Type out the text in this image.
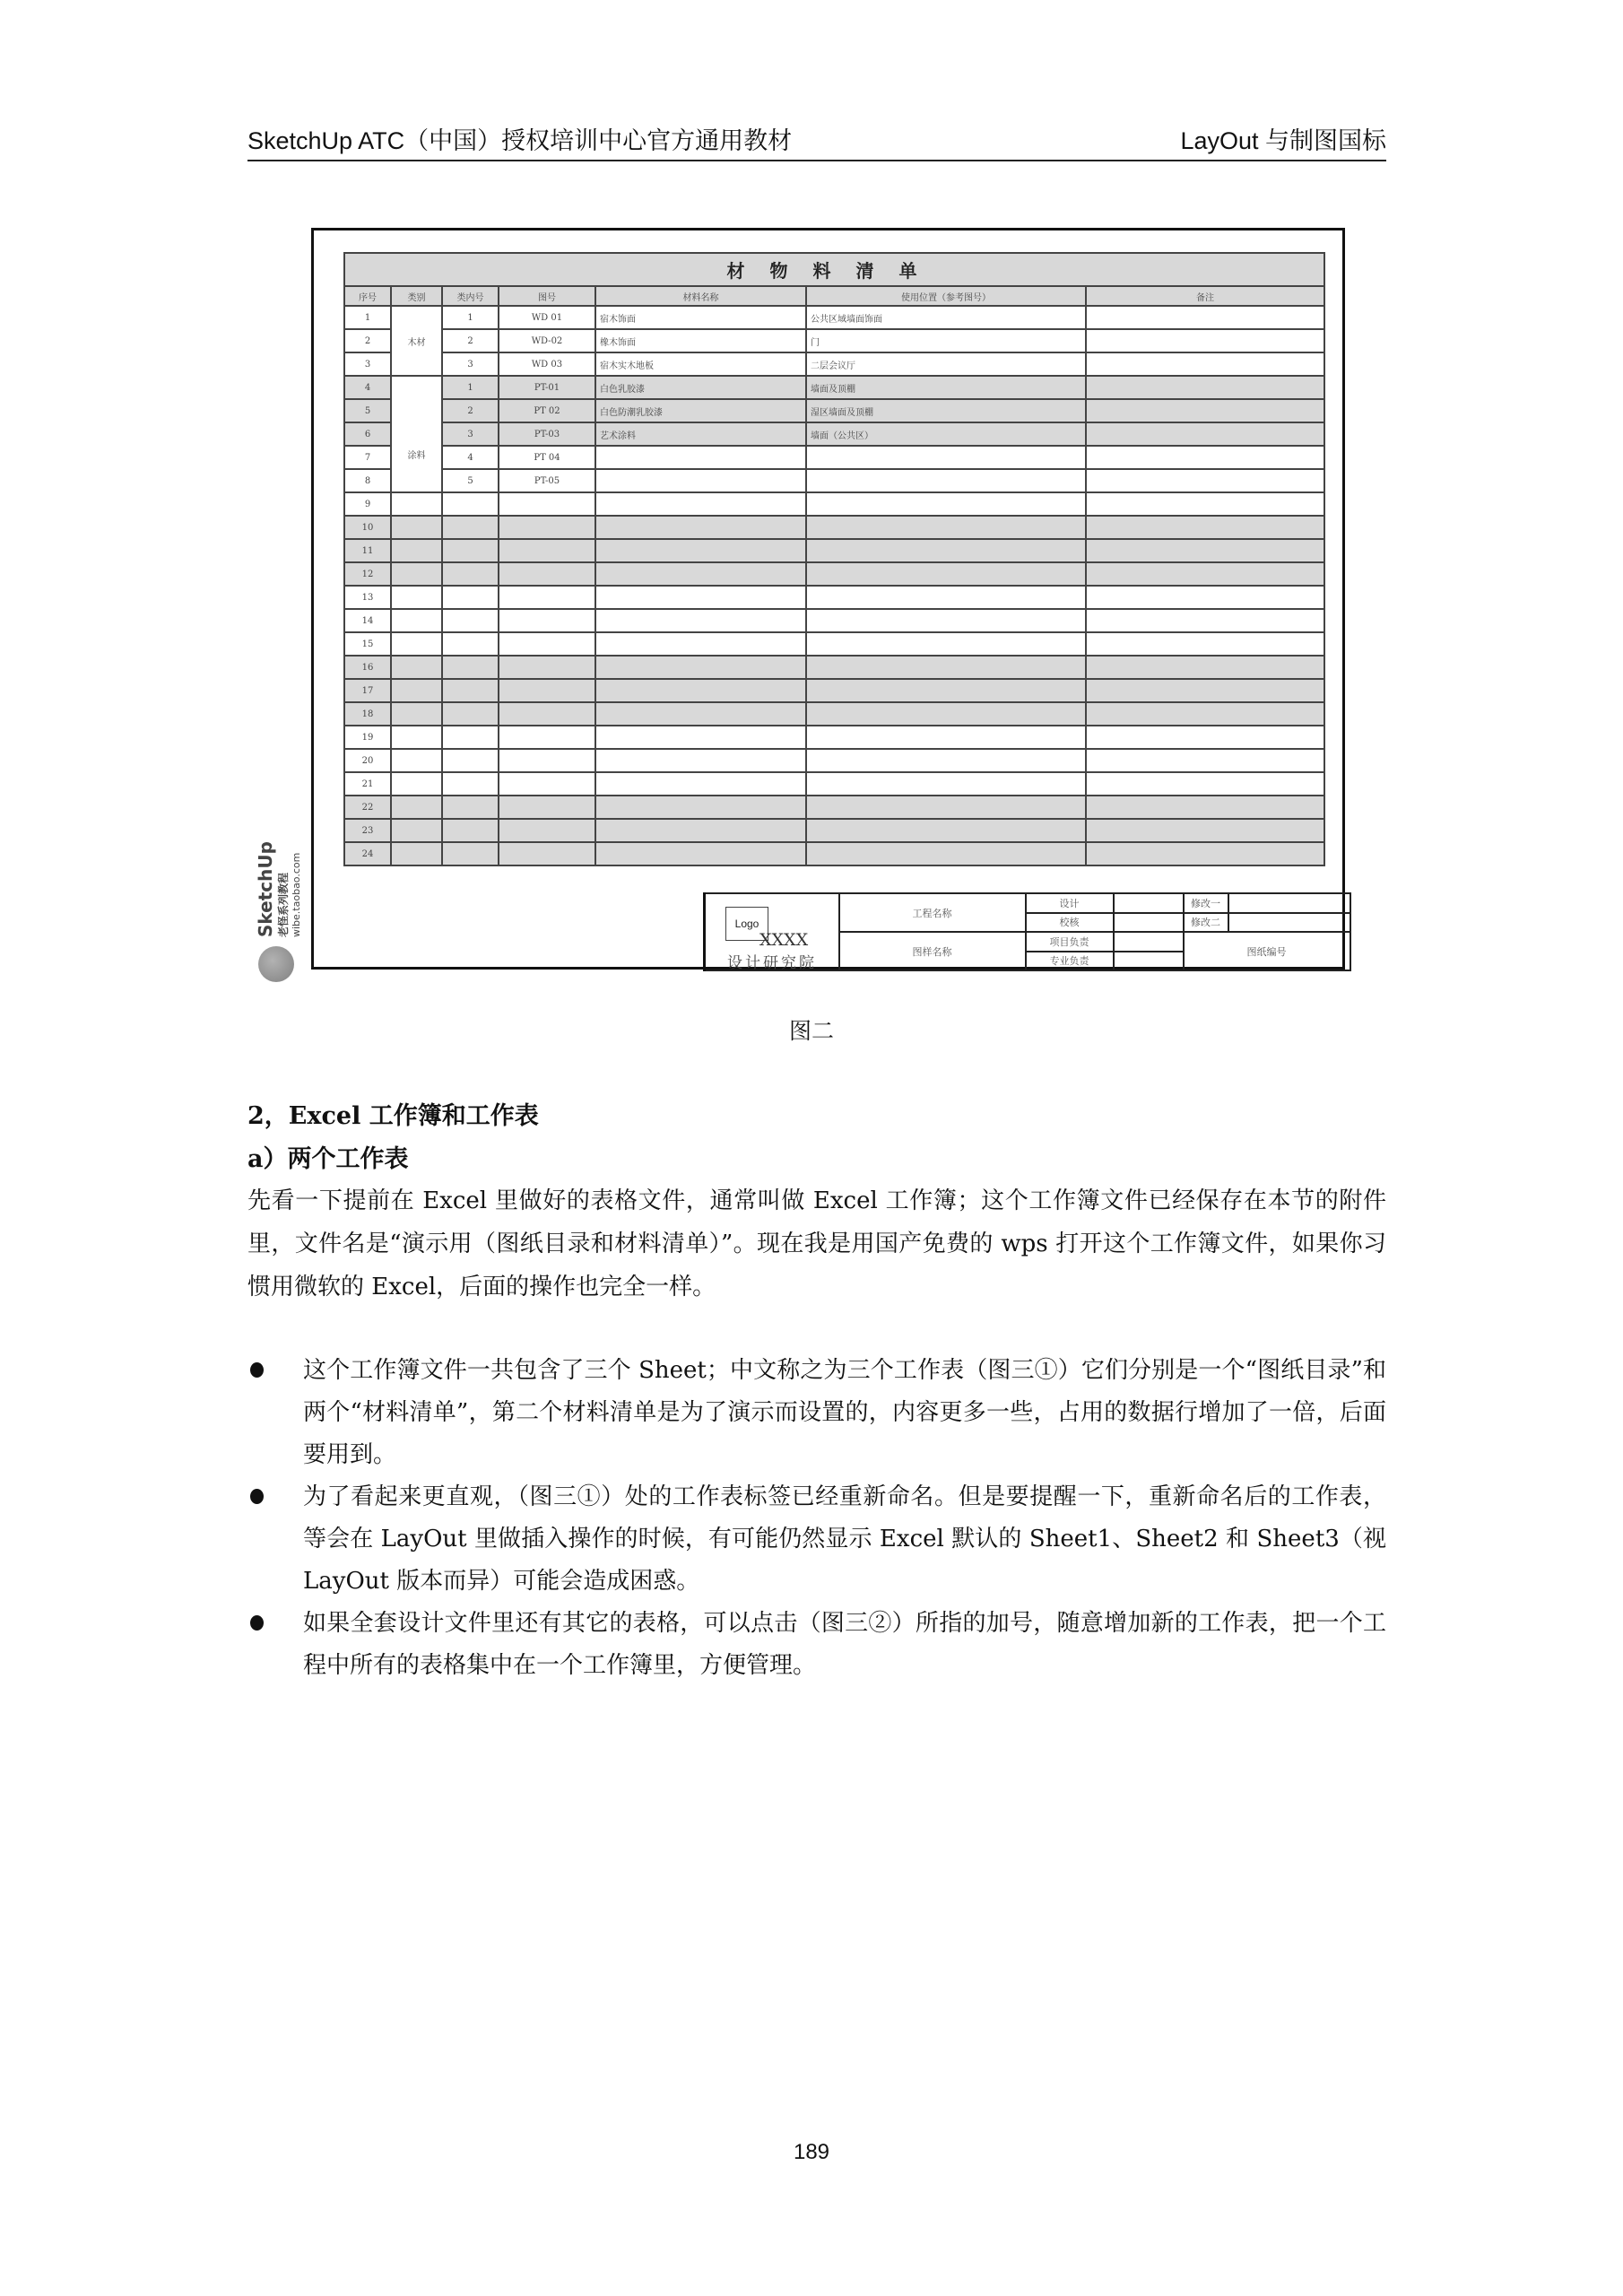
SketchUp ATC（中国）授权培训中心官方通用教材	LayOut 与制图国标
材物料清单						
序号	类别	类内号	图号	材料名称	使用位置（参考图号）	备注
1	木材	1	WD 01	宿木饰面	公共区域墙面饰面	
2		2	WD-02	橡木饰面	门	
3		3	WD 03	宿木实木地板	二层会议厅	
4	涂料	1	PT-01	白色乳胶漆	墙面及顶棚	
5		2	PT 02	白色防潮乳胶漆	湿区墙面及顶棚	
6		3	PT-03	艺术涂料	墙面（公共区）	
7		4	PT 04			
8		5	PT-05			
9						
10						
11						
12						
13						
14						
15						
16						
17						
18						
19						
20						
21						
22						
23						
24						
Logo
XXXX
设计研究院	工程名称	设计		修改一	
		校核		修改二	
	图样名称	项目负责		图纸编号	
		专业负责			
SketchUp 老怪系列教程 wibe.taobao.com
图二
2，Excel 工作簿和工作表
a）两个工作表
先看一下提前在 Excel 里做好的表格文件，通常叫做 Excel 工作簿；这个工作簿文件已经保存在本节的附件里，文件名是“演示用（图纸目录和材料清单）”。现在我是用国产免费的 wps 打开这个工作簿文件，如果你习惯用微软的 Excel，后面的操作也完全一样。
这个工作簿文件一共包含了三个 Sheet；中文称之为三个工作表（图三①）它们分别是一个“图纸目录”和两个“材料清单”，第二个材料清单是为了演示而设置的，内容更多一些，占用的数据行增加了一倍，后面要用到。
为了看起来更直观，（图三①）处的工作表标签已经重新命名。但是要提醒一下，重新命名后的工作表，等会在 LayOut 里做插入操作的时候，有可能仍然显示 Excel 默认的 Sheet1、Sheet2 和 Sheet3（视 LayOut 版本而异）可能会造成困惑。
如果全套设计文件里还有其它的表格，可以点击（图三②）所指的加号，随意增加新的工作表，把一个工程中所有的表格集中在一个工作簿里，方便管理。
189
